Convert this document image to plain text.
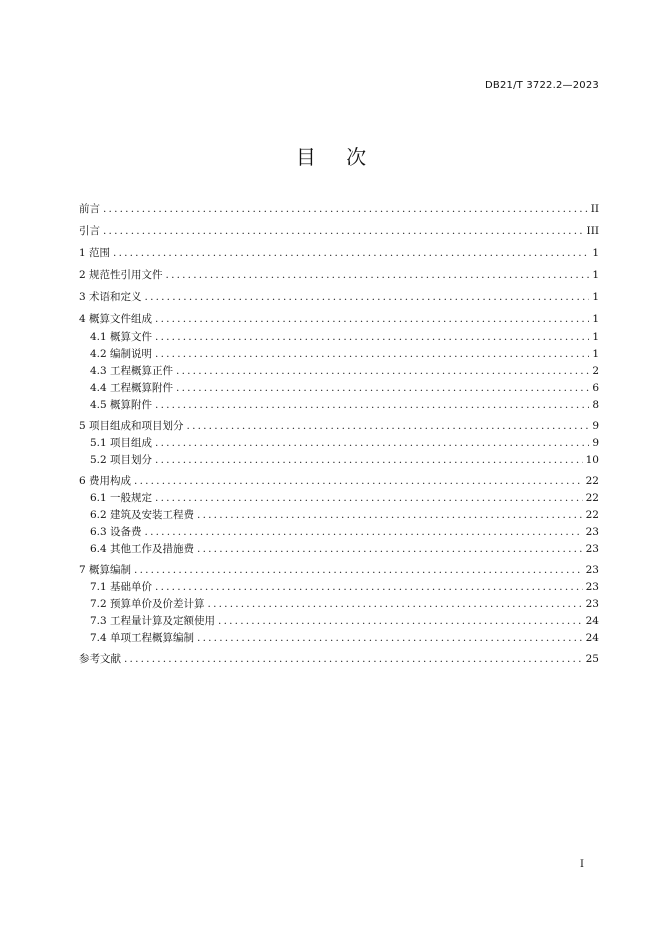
DB21/T 3722.2—2023
目 次
前言 .....	II
引言 .....	III
1 范围 .....	1
2 规范性引用文件 .....	1
3 术语和定义 .....	1
4 概算文件组成 .....	1
4.1 概算文件 .....	1
4.2 编制说明 .....	1
4.3 工程概算正件 .....	2
4.4 工程概算附件 .....	6
4.5 概算附件 .....	8
5 项目组成和项目划分 .....	9
5.1 项目组成 .....	9
5.2 项目划分 .....	10
6 费用构成 .....	22
6.1 一般规定 .....	22
6.2 建筑及安装工程费 .....	22
6.3 设备费 .....	23
6.4 其他工作及措施费 .....	23
7 概算编制 .....	23
7.1 基础单价 .....	23
7.2 预算单价及价差计算 .....	23
7.3 工程量计算及定额使用 .....	24
7.4 单项工程概算编制 .....	24
参考文献 .....	25
I
